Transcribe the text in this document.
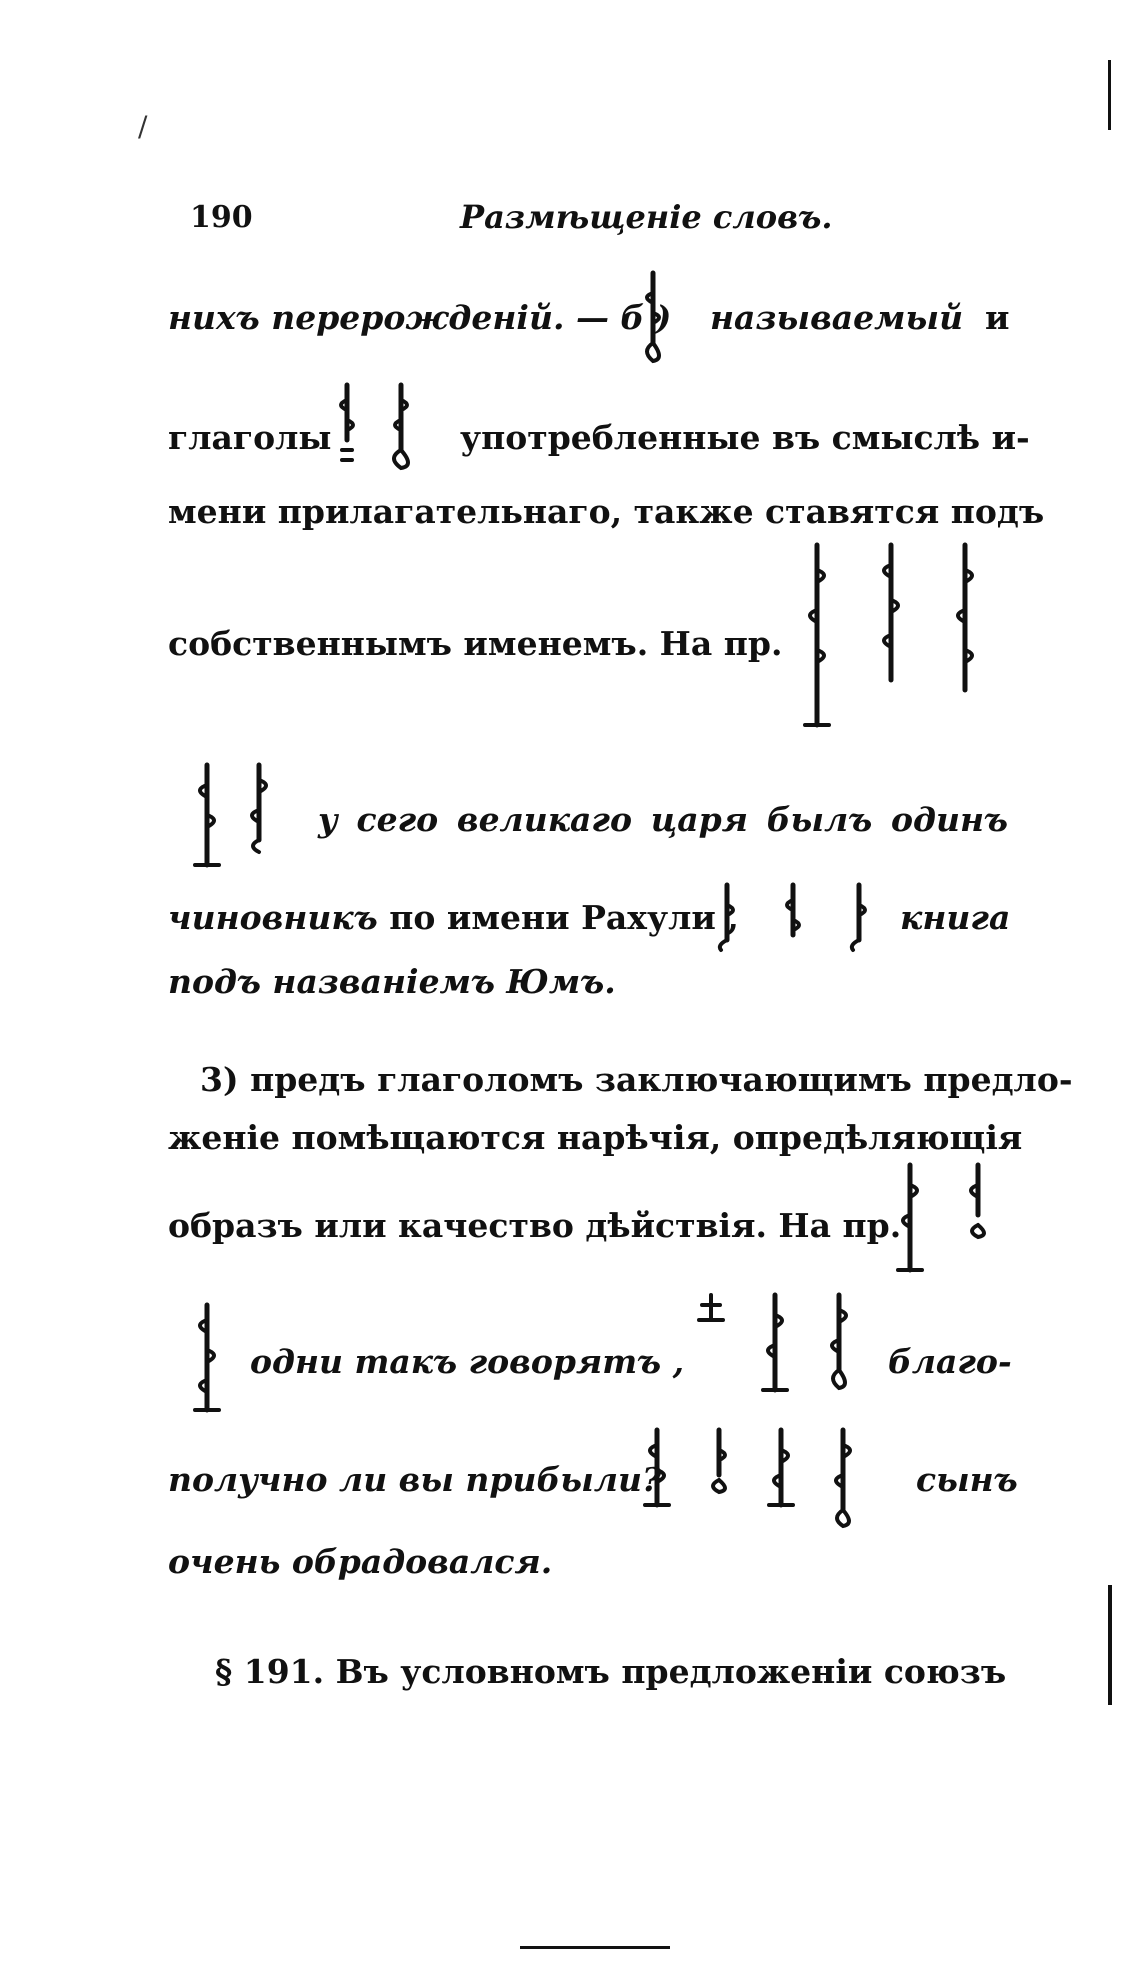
/
190	Размѣщеніе словъ.
нихъ перерожденій. — б )	называемый и
глаголы	употребленные въ смыслѣ и-
мени прилагательнаго, также ставятся подъ
собственнымъ именемъ. На пр.
у сего великаго царя былъ одинъ
чиновникъ по имени Рахули ,	книга
подъ названіемъ Юмъ.
3) предъ глаголомъ заключающимъ предло-
женіе помѣщаются нарѣчія, опредѣляющія
образъ или качество дѣйствія. На пр.
одни такъ говорятъ ,	благо-
получно ли вы прибыли?	сынъ
очень обрадовался.
§ 191. Въ условномъ предложеніи союзъ
